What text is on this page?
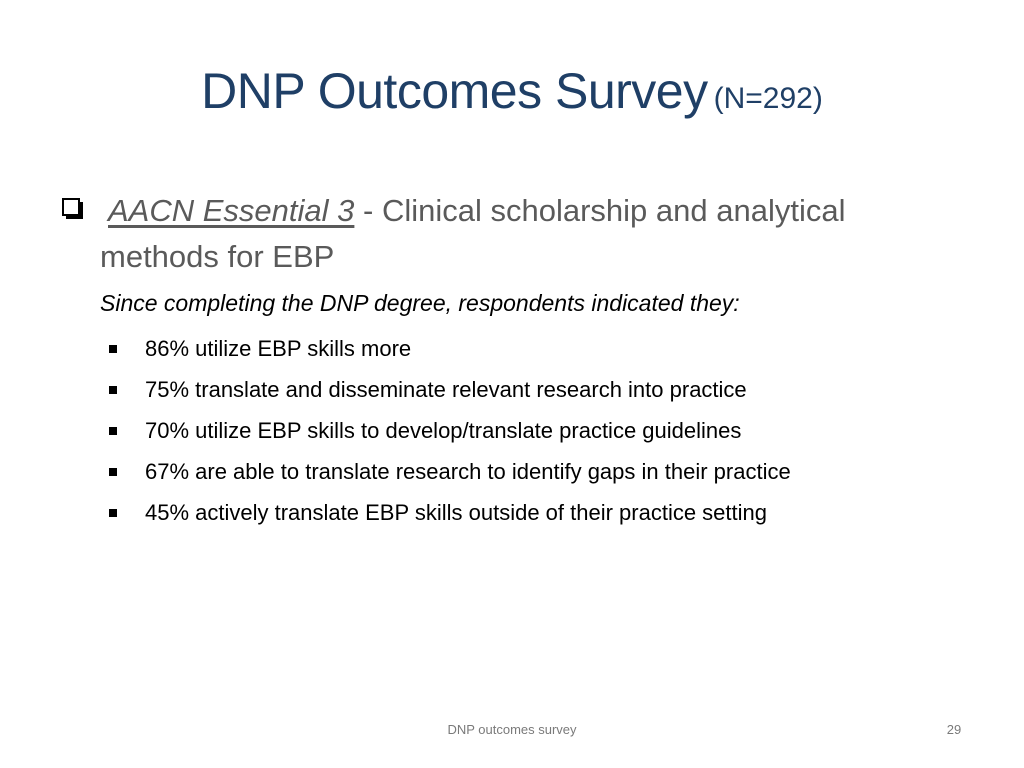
DNP Outcomes Survey (N=292)
AACN Essential 3 - Clinical scholarship and analytical
methods for EBP
Since completing the DNP degree, respondents indicated they:
86% utilize EBP skills more
75% translate and disseminate relevant research into practice
70% utilize EBP skills to develop/translate practice guidelines
67% are able to translate research to identify gaps in their practice
45% actively translate EBP skills outside of their practice setting
DNP outcomes survey	29
